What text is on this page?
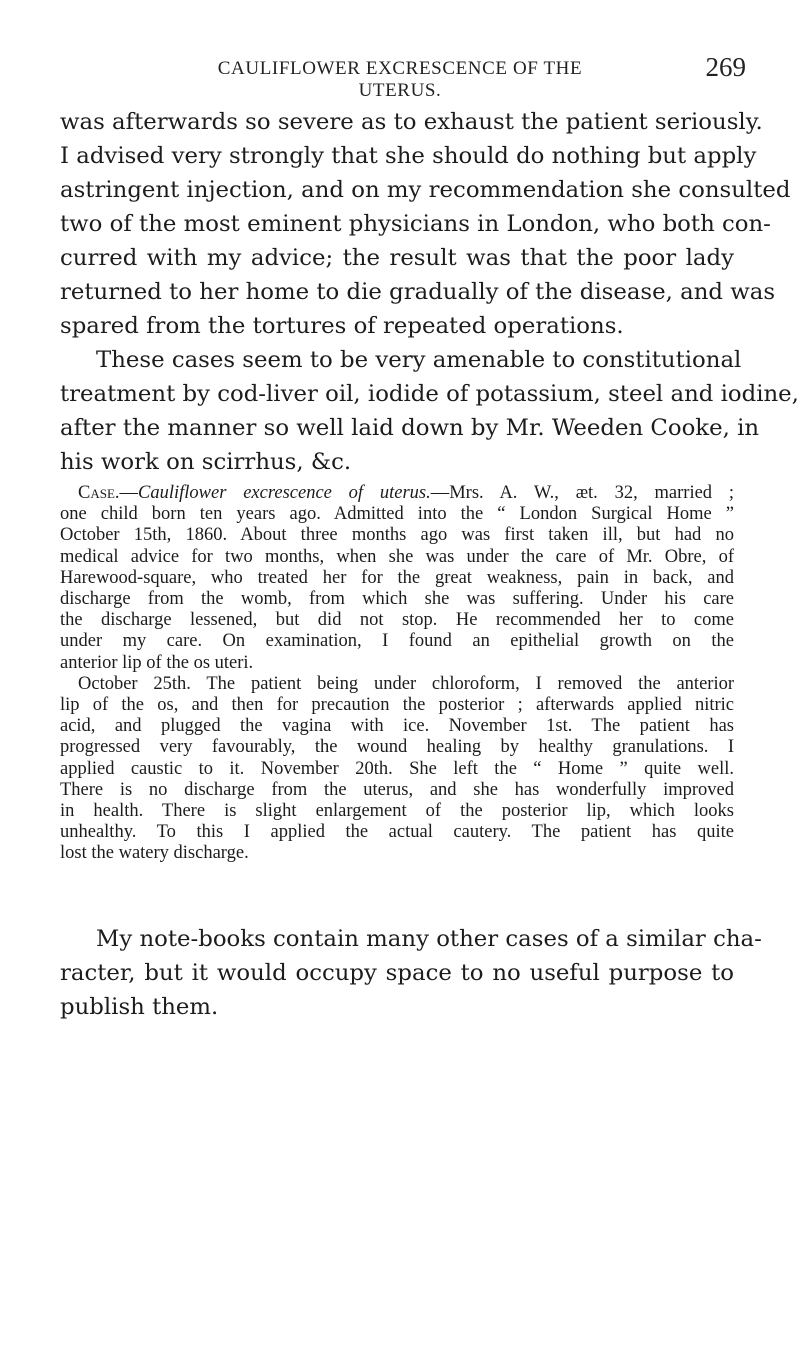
CAULIFLOWER EXCRESCENCE OF THE UTERUS.
269
was afterwards so severe as to exhaust the patient seriously.
I advised very strongly that she should do nothing but apply
astringent injection, and on my recommendation she consulted
two of the most eminent physicians in London, who both con-
curred with my advice; the result was that the poor lady
returned to her home to die gradually of the disease, and was
spared from the tortures of repeated operations.
These cases seem to be very amenable to constitutional
treatment by cod-liver oil, iodide of potassium, steel and iodine,
after the manner so well laid down by Mr. Weeden Cooke, in
his work on scirrhus, &c.
Case.—Cauliflower excrescence of uterus.—Mrs. A. W., æt. 32, married ;
one child born ten years ago. Admitted into the “ London Surgical Home ”
October 15th, 1860. About three months ago was first taken ill, but had no
medical advice for two months, when she was under the care of Mr. Obre, of
Harewood-square, who treated her for the great weakness, pain in back, and
discharge from the womb, from which she was suffering. Under his care
the discharge lessened, but did not stop. He recommended her to come
under my care. On examination, I found an epithelial growth on the
anterior lip of the os uteri.
October 25th. The patient being under chloroform, I removed the anterior
lip of the os, and then for precaution the posterior ; afterwards applied nitric
acid, and plugged the vagina with ice. November 1st. The patient has
progressed very favourably, the wound healing by healthy granulations. I
applied caustic to it. November 20th. She left the “ Home ” quite well.
There is no discharge from the uterus, and she has wonderfully improved
in health. There is slight enlargement of the posterior lip, which looks
unhealthy. To this I applied the actual cautery. The patient has quite
lost the watery discharge.
My note-books contain many other cases of a similar cha-
racter, but it would occupy space to no useful purpose to
publish them.
